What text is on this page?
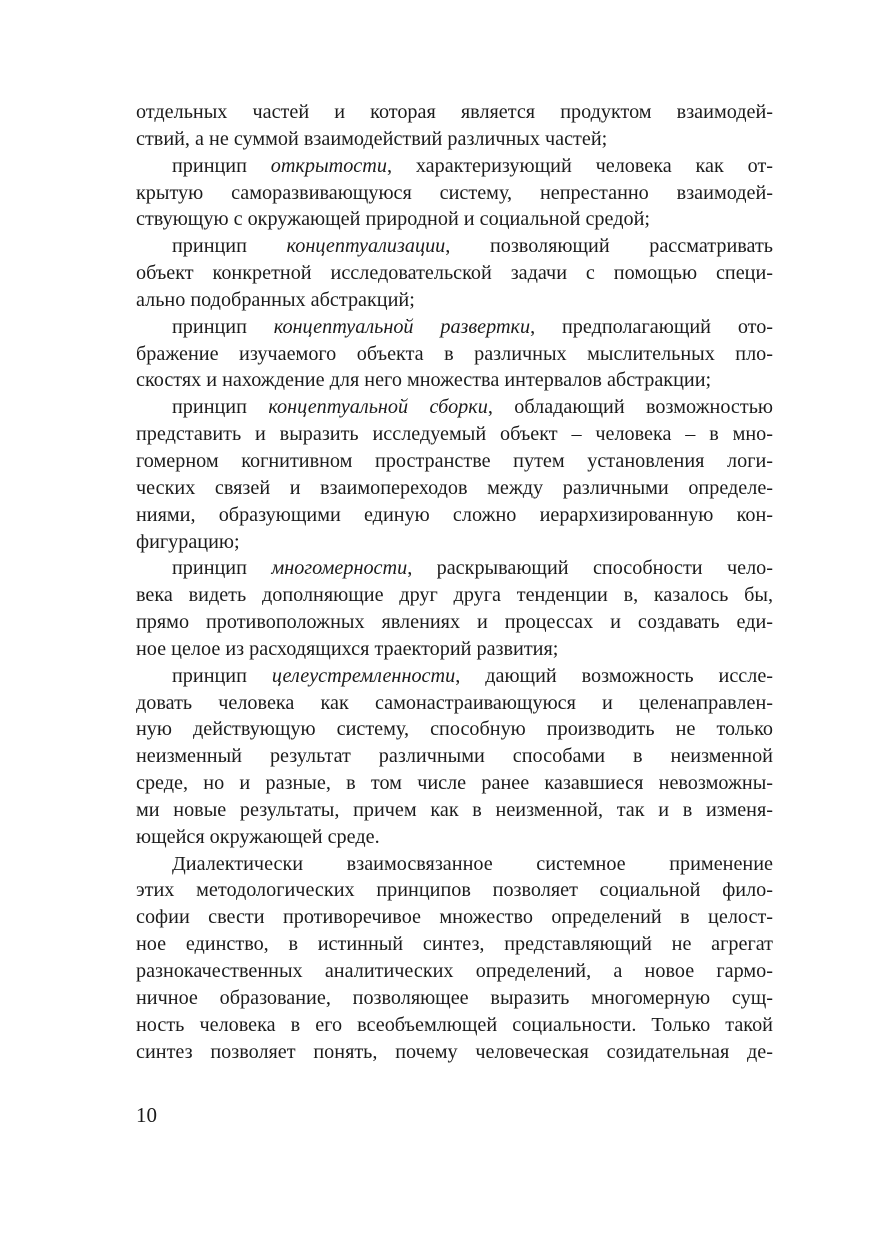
отдельных частей и которая является продуктом взаимодей-
ствий, а не суммой взаимодействий различных частей;
принцип открытости, характеризующий человека как от-
крытую саморазвивающуюся систему, непрестанно взаимодей-
ствующую с окружающей природной и социальной средой;
принцип концептуализации, позволяющий рассматривать
объект конкретной исследовательской задачи с помощью специ-
ально подобранных абстракций;
принцип концептуальной развертки, предполагающий ото-
бражение изучаемого объекта в различных мыслительных пло-
скостях и нахождение для него множества интервалов абстракции;
принцип концептуальной сборки, обладающий возможностью
представить и выразить исследуемый объект – человека – в мно-
гомерном когнитивном пространстве путем установления логи-
ческих связей и взаимопереходов между различными определе-
ниями, образующими единую сложно иерархизированную кон-
фигурацию;
принцип многомерности, раскрывающий способности чело-
века видеть дополняющие друг друга тенденции в, казалось бы,
прямо противоположных явлениях и процессах и создавать еди-
ное целое из расходящихся траекторий развития;
принцип целеустремленности, дающий возможность иссле-
довать человека как самонастраивающуюся и целенаправлен-
ную действующую систему, способную производить не только
неизменный результат различными способами в неизменной
среде, но и разные, в том числе ранее казавшиеся невозможны-
ми новые результаты, причем как в неизменной, так и в изменя-
ющейся окружающей среде.
Диалектически взаимосвязанное системное применение
этих методологических принципов позволяет социальной фило-
софии свести противоречивое множество определений в целост-
ное единство, в истинный синтез, представляющий не агрегат
разнокачественных аналитических определений, а новое гармо-
ничное образование, позволяющее выразить многомерную сущ-
ность человека в его всеобъемлющей социальности. Только такой
синтез позволяет понять, почему человеческая созидательная де-
10
